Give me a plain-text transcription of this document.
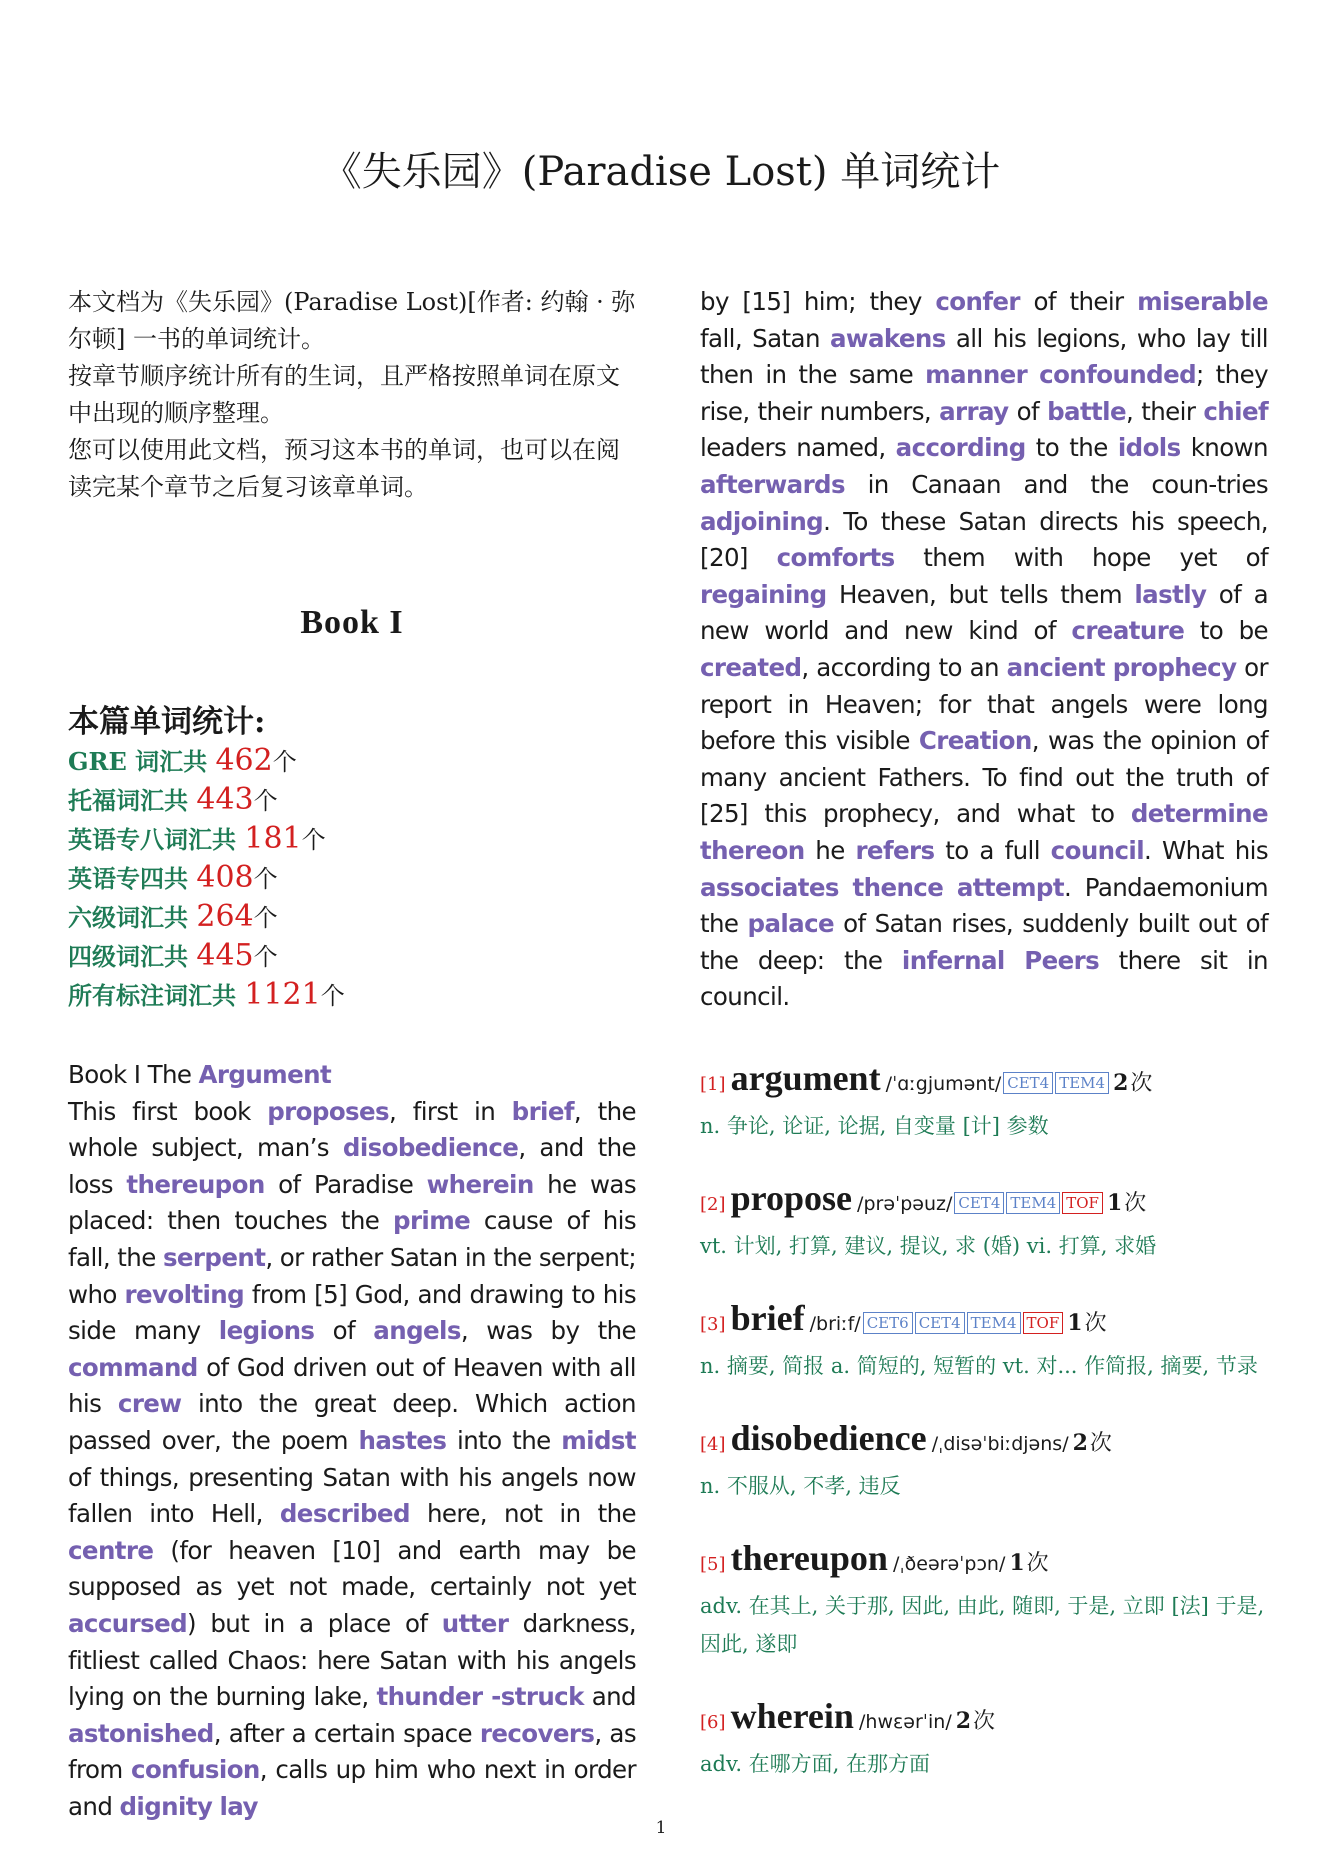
《失乐园》(Paradise Lost) 单词统计
本文档为《失乐园》(Paradise Lost)[作者: 约翰 · 弥尔顿] 一书的单词统计。
按章节顺序统计所有的生词，且严格按照单词在原文中出现的顺序整理。
您可以使用此文档，预习这本书的单词，也可以在阅读完某个章节之后复习该章单词。
Book I
本篇单词统计:
GRE 词汇共 462个
托福词汇共 443个
英语专八词汇共 181个
英语专四共 408个
六级词汇共 264个
四级词汇共 445个
所有标注词汇共 1121个
Book I The Argument
This first book proposes, first in brief, the whole subject, man’s disobedience, and the loss thereupon of Paradise wherein he was placed: then touches the prime cause of his fall, the serpent, or rather Satan in the serpent; who revolting from [5] God, and drawing to his side many legions of angels, was by the command of God driven out of Heaven with all his crew into the great deep. Which action passed over, the poem hastes into the midst of things, presenting Satan with his angels now fallen into Hell, described here, not in the centre (for heaven [10] and earth may be supposed as yet not made, certainly not yet accursed) but in a place of utter darkness, fitliest called Chaos: here Satan with his angels lying on the burning lake, thunder -struck and astonished, after a certain space recovers, as from confusion, calls up him who next in order and dignity lay
by [15] him; they confer of their miserable fall, Satan awakens all his legions, who lay till then in the same manner confounded; they rise, their numbers, array of battle, their chief leaders named, according to the idols known afterwards in Canaan and the coun-tries adjoining. To these Satan directs his speech, [20] comforts them with hope yet of regaining Heaven, but tells them lastly of a new world and new kind of creature to be created, according to an ancient prophecy or report in Heaven; for that angels were long before this visible Creation, was the opinion of many ancient Fathers. To find out the truth of [25] this prophecy, and what to determine thereon he refers to a full council. What his associates thence attempt. Pandaemonium the palace of Satan rises, suddenly built out of the deep: the infernal Peers there sit in council.
[1] argument /ˈɑːgjumənt/ CET4 TEM4 2次
n. 争论, 论证, 论据, 自变量 [计] 参数
[2] propose /prəˈpəuz/ CET4 TEM4 TOF 1次
vt. 计划, 打算, 建议, 提议, 求 (婚) vi. 打算, 求婚
[3] brief /briːf/ CET6 CET4 TEM4 TOF 1次
n. 摘要, 简报 a. 简短的, 短暂的 vt. 对... 作简报, 摘要, 节录
[4] disobedience /ˌdisəˈbiːdjəns/ 2次
n. 不服从, 不孝, 违反
[5] thereupon /ˌðeərəˈpɔn/ 1次
adv. 在其上, 关于那, 因此, 由此, 随即, 于是, 立即 [法] 于是, 因此, 遂即
[6] wherein /hwεərˈin/ 2次
adv. 在哪方面, 在那方面
1
